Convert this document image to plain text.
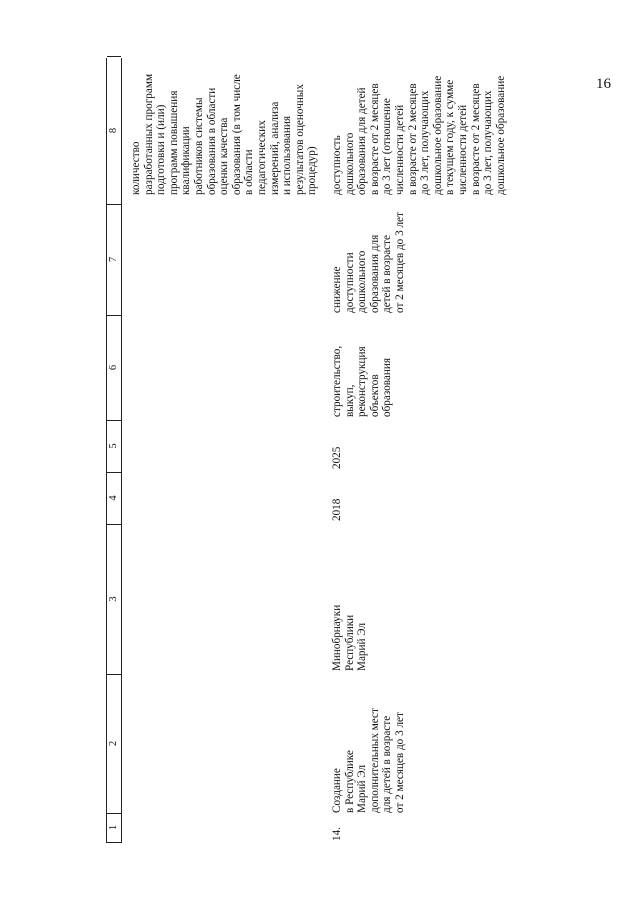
16
1
2
3
4
5
6
7
8
количество разработанных программ подготовки и (или) программ повышения квалификации работников системы образования в области оценки качества образования (в том числе в области педагогических измерений, анализа и использования результатов оценочных процедур)
14.
Создание в Республике Марий Эл дополнительных мест для детей в возрасте от 2 месяцев до 3 лет
Минобрнауки Республики Марий Эл
2018
2025
строительство, выкуп, реконструкция объектов образования
снижение доступности дошкольного образования для детей в возрасте от 2 месяцев до 3 лет
доступность дошкольного образования для детей в возрасте от 2 месяцев до 3 лет (отношение численности детей в возрасте от 2 месяцев до 3 лет, получающих дошкольное образование в текущем году, к сумме численности детей в возрасте от 2 месяцев до 3 лет, получающих дошкольное образование
